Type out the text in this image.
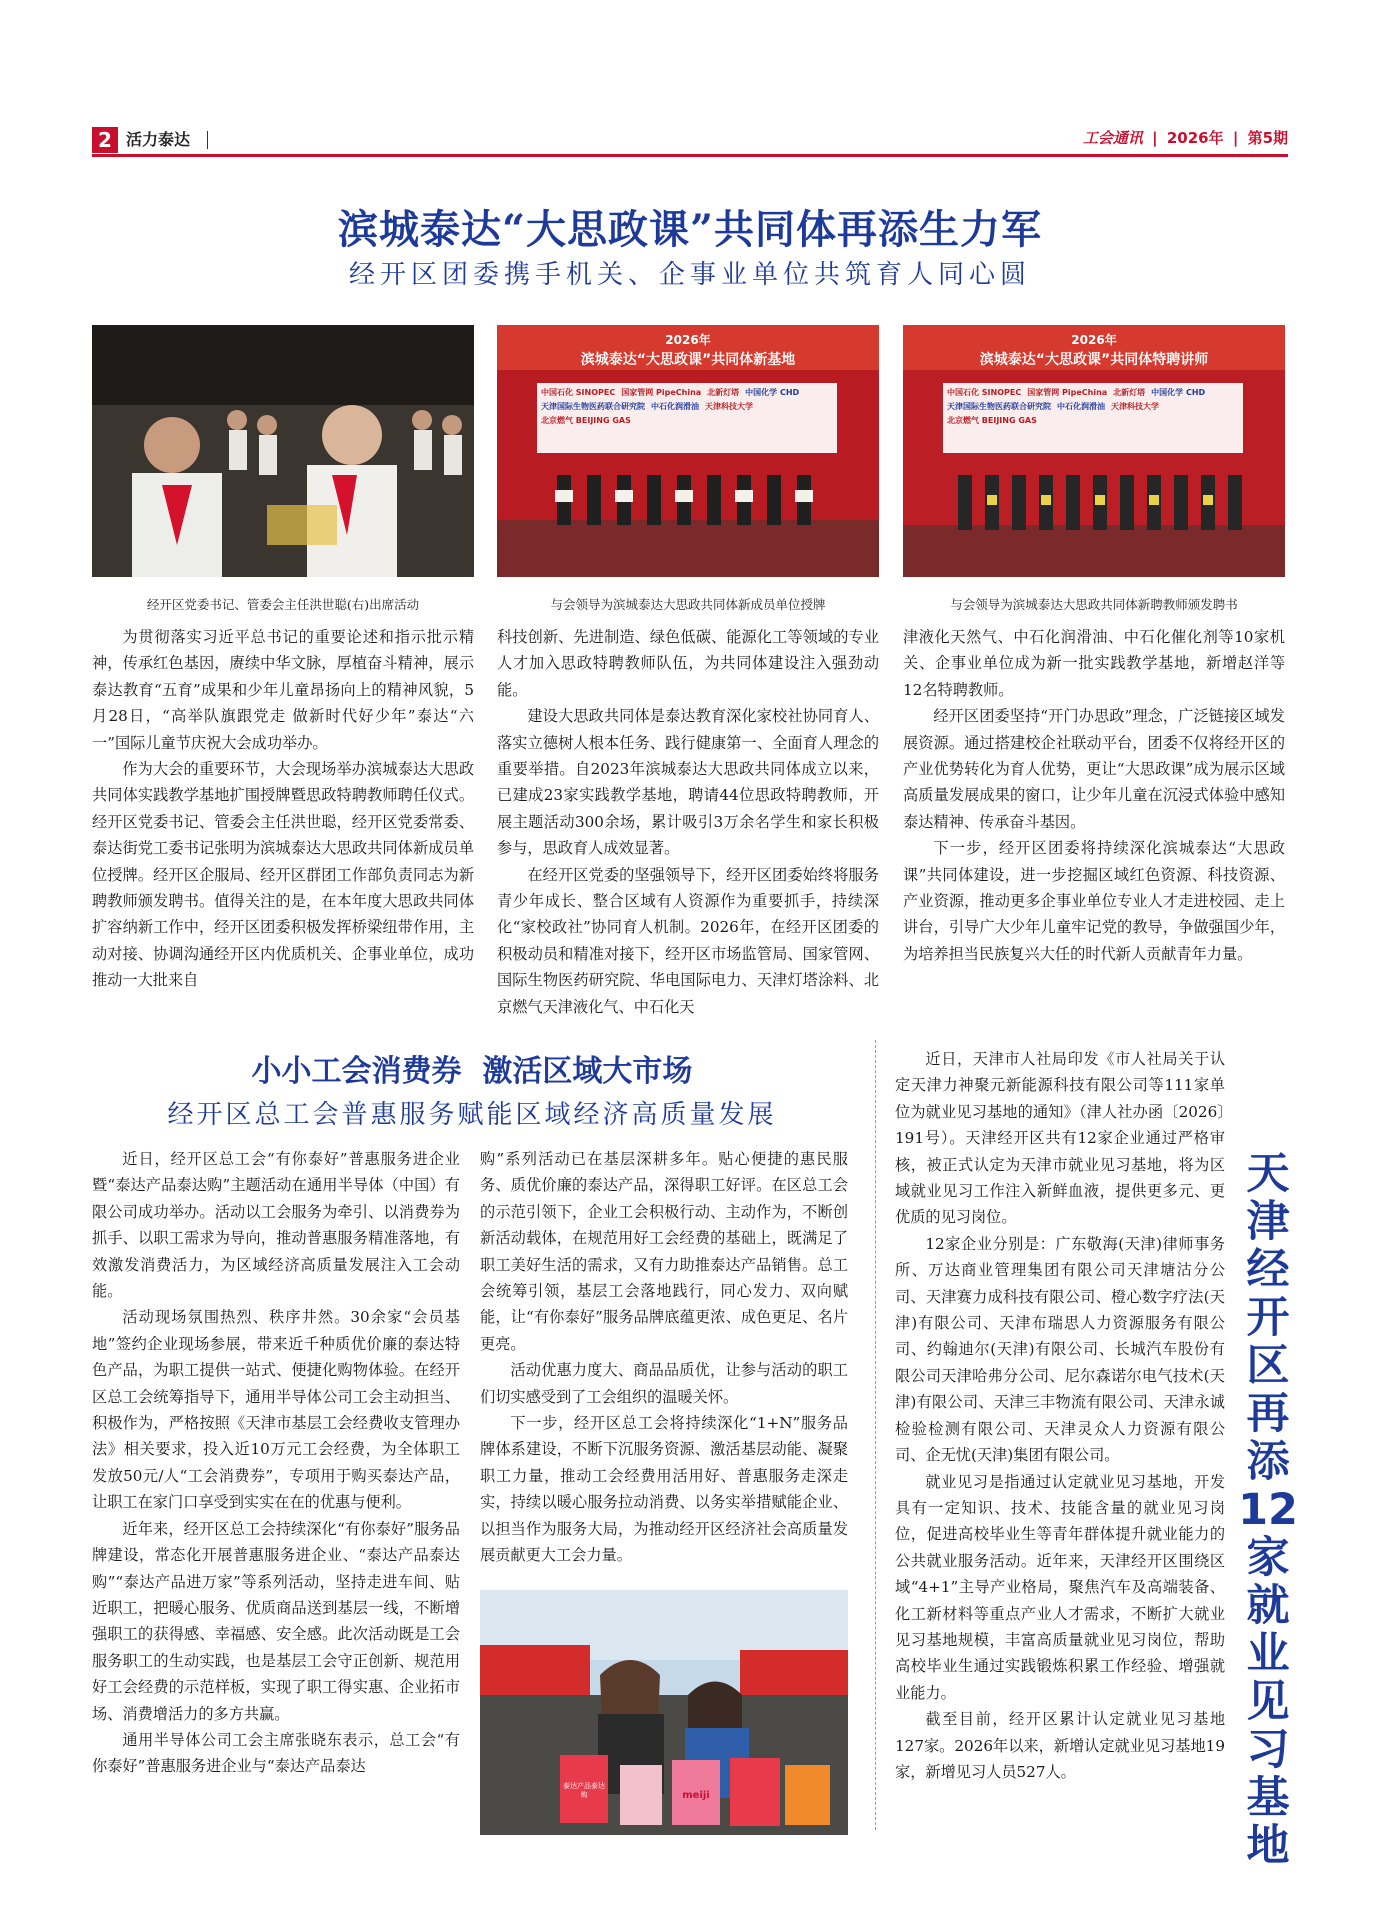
2 活力泰达	工会通讯 | 2026年 | 第5期
滨城泰达“大思政课”共同体再添生力军
经开区团委携手机关、企事业单位共筑育人同心圆
经开区党委书记、管委会主任洪世聪(右)出席活动
2026年
滨城泰达“大思政课”共同体新基地
中国石化 SINOPEC 国家管网 PipeChina 北新灯塔 中国化学 CHD
天津国际生物医药联合研究院 中石化润滑油 天津科技大学
北京燃气 BEIJING GAS
与会领导为滨城泰达大思政共同体新成员单位授牌
2026年
滨城泰达“大思政课”共同体特聘讲师
中国石化 SINOPEC 国家管网 PipeChina 北新灯塔 中国化学 CHD
天津国际生物医药联合研究院 中石化润滑油 天津科技大学
北京燃气 BEIJING GAS
与会领导为滨城泰达大思政共同体新聘教师颁发聘书

为贯彻落实习近平总书记的重要论述和指示批示精神，传承红色基因，赓续中华文脉，厚植奋斗精神，展示泰达教育“五育”成果和少年儿童昂扬向上的精神风貌，5月28日，“高举队旗跟党走 做新时代好少年”泰达“六一”国际儿童节庆祝大会成功举办。

作为大会的重要环节，大会现场举办滨城泰达大思政共同体实践教学基地扩围授牌暨思政特聘教师聘任仪式。经开区党委书记、管委会主任洪世聪，经开区党委常委、泰达街党工委书记张明为滨城泰达大思政共同体新成员单位授牌。经开区企服局、经开区群团工作部负责同志为新聘教师颁发聘书。值得关注的是，在本年度大思政共同体扩容纳新工作中，经开区团委积极发挥桥梁纽带作用，主动对接、协调沟通经开区内优质机关、企事业单位，成功推动一大批来自

科技创新、先进制造、绿色低碳、能源化工等领域的专业人才加入思政特聘教师队伍，为共同体建设注入强劲动能。

建设大思政共同体是泰达教育深化家校社协同育人、落实立德树人根本任务、践行健康第一、全面育人理念的重要举措。自2023年滨城泰达大思政共同体成立以来，已建成23家实践教学基地，聘请44位思政特聘教师，开展主题活动300余场，累计吸引3万余名学生和家长积极参与，思政育人成效显著。

在经开区党委的坚强领导下，经开区团委始终将服务青少年成长、整合区域有人资源作为重要抓手，持续深化“家校政社”协同育人机制。2026年，在经开区团委的积极动员和精准对接下，经开区市场监管局、国家管网、国际生物医药研究院、华电国际电力、天津灯塔涂料、北京燃气天津液化气、中石化天

津液化天然气、中石化润滑油、中石化催化剂等10家机关、企事业单位成为新一批实践教学基地，新增赵洋等12名特聘教师。

经开区团委坚持“开门办思政”理念，广泛链接区域发展资源。通过搭建校企社联动平台，团委不仅将经开区的产业优势转化为育人优势，更让“大思政课”成为展示区域高质量发展成果的窗口，让少年儿童在沉浸式体验中感知泰达精神、传承奋斗基因。

下一步，经开区团委将持续深化滨城泰达“大思政课”共同体建设，进一步挖掘区域红色资源、科技资源、产业资源，推动更多企事业单位专业人才走进校园、走上讲台，引导广大少年儿童牢记党的教导，争做强国少年，为培养担当民族复兴大任的时代新人贡献青年力量。

小小工会消费券  激活区域大市场
经开区总工会普惠服务赋能区域经济高质量发展

近日，经开区总工会“有你泰好”普惠服务进企业暨“泰达产品泰达购”主题活动在通用半导体（中国）有限公司成功举办。活动以工会服务为牵引、以消费券为抓手、以职工需求为导向，推动普惠服务精准落地，有效激发消费活力，为区域经济高质量发展注入工会动能。

活动现场氛围热烈、秩序井然。30余家“会员基地”签约企业现场参展，带来近千种质优价廉的泰达特色产品，为职工提供一站式、便捷化购物体验。在经开区总工会统筹指导下，通用半导体公司工会主动担当、积极作为，严格按照《天津市基层工会经费收支管理办法》相关要求，投入近10万元工会经费，为全体职工发放50元/人“工会消费券”，专项用于购买泰达产品，让职工在家门口享受到实实在在的优惠与便利。

近年来，经开区总工会持续深化“有你泰好”服务品牌建设，常态化开展普惠服务进企业、“泰达产品泰达购”“泰达产品进万家”等系列活动，坚持走进车间、贴近职工，把暖心服务、优质商品送到基层一线，不断增强职工的获得感、幸福感、安全感。此次活动既是工会服务职工的生动实践，也是基层工会守正创新、规范用好工会经费的示范样板，实现了职工得实惠、企业拓市场、消费增活力的多方共赢。

通用半导体公司工会主席张晓东表示，总工会“有你泰好”普惠服务进企业与“泰达产品泰达

购”系列活动已在基层深耕多年。贴心便捷的惠民服务、质优价廉的泰达产品，深得职工好评。在区总工会的示范引领下，企业工会积极行动、主动作为，不断创新活动载体，在规范用好工会经费的基础上，既满足了职工美好生活的需求，又有力助推泰达产品销售。总工会统筹引领，基层工会落地践行，同心发力、双向赋能，让“有你泰好”服务品牌底蕴更浓、成色更足、名片更亮。

活动优惠力度大、商品品质优，让参与活动的职工们切实感受到了工会组织的温暖关怀。

下一步，经开区总工会将持续深化“1+N”服务品牌体系建设，不断下沉服务资源、激活基层动能、凝聚职工力量，推动工会经费用活用好、普惠服务走深走实，持续以暖心服务拉动消费、以务实举措赋能企业、以担当作为服务大局，为推动经开区经济社会高质量发展贡献更大工会力量。

泰达产品泰达购	meiji

近日，天津市人社局印发《市人社局关于认定天津力神聚元新能源科技有限公司等111家单位为就业见习基地的通知》（津人社办函〔2026〕191号）。天津经开区共有12家企业通过严格审核，被正式认定为天津市就业见习基地，将为区域就业见习工作注入新鲜血液，提供更多元、更优质的见习岗位。

12家企业分别是：广东敬海(天津)律师事务所、万达商业管理集团有限公司天津塘沽分公司、天津赛力成科技有限公司、橙心数字疗法(天津)有限公司、天津布瑞思人力资源服务有限公司、约翰迪尔(天津)有限公司、长城汽车股份有限公司天津哈弗分公司、尼尔森诺尔电气技术(天津)有限公司、天津三丰物流有限公司、天津永诚检验检测有限公司、天津灵众人力资源有限公司、企无忧(天津)集团有限公司。

就业见习是指通过认定就业见习基地，开发具有一定知识、技术、技能含量的就业见习岗位，促进高校毕业生等青年群体提升就业能力的公共就业服务活动。近年来，天津经开区围绕区域“4+1”主导产业格局，聚焦汽车及高端装备、化工新材料等重点产业人才需求，不断扩大就业见习基地规模，丰富高质量就业见习岗位，帮助高校毕业生通过实践锻炼积累工作经验、增强就业能力。

截至目前，经开区累计认定就业见习基地127家。2026年以来，新增认定就业见习基地19家，新增见习人员527人。

天津经开区再添12家就业见习基地
